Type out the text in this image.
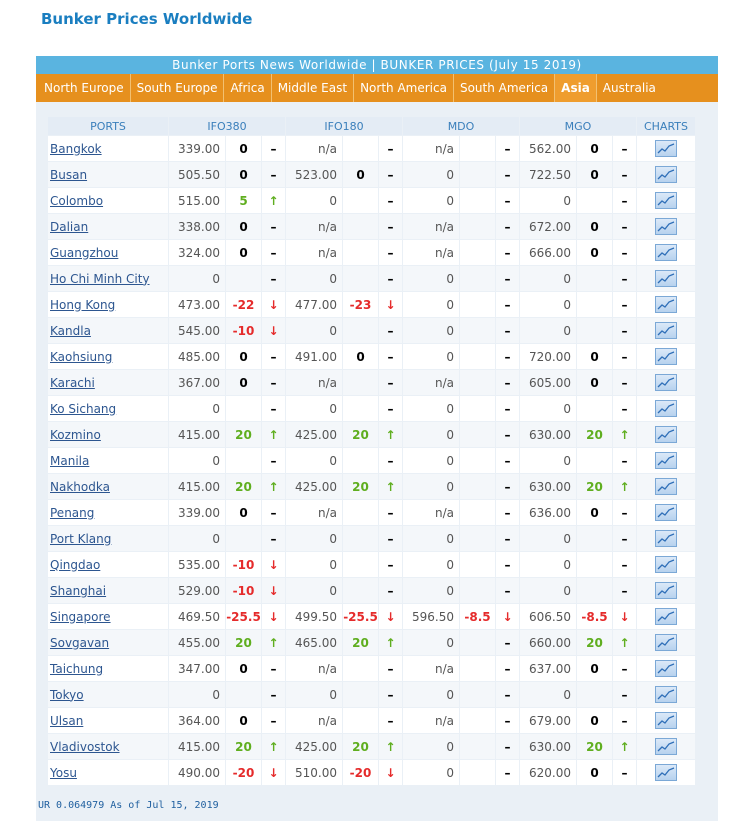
Bunker Prices Worldwide
Bunker Ports News Worldwide | BUNKER PRICES (July 15 2019)
North Europe	South Europe	Africa	Middle East	North America	South America	Asia	Australia
PORTS	IFO380			IFO180			MDO			MGO			CHARTS
Bangkok	339.00	0	–	n/a		–	n/a		–	562.00	0	–	

Busan	505.50	0	–	523.00	0	–	0		–	722.50	0	–	

Colombo	515.00	5	↑	0		–	0		–	0		–	

Dalian	338.00	0	–	n/a		–	n/a		–	672.00	0	–	

Guangzhou	324.00	0	–	n/a		–	n/a		–	666.00	0	–	

Ho Chi Minh City	0		–	0		–	0		–	0		–	

Hong Kong	473.00	-22	↓	477.00	-23	↓	0		–	0		–	

Kandla	545.00	-10	↓	0		–	0		–	0		–	

Kaohsiung	485.00	0	–	491.00	0	–	0		–	720.00	0	–	

Karachi	367.00	0	–	n/a		–	n/a		–	605.00	0	–	

Ko Sichang	0		–	0		–	0		–	0		–	

Kozmino	415.00	20	↑	425.00	20	↑	0		–	630.00	20	↑	

Manila	0		–	0		–	0		–	0		–	

Nakhodka	415.00	20	↑	425.00	20	↑	0		–	630.00	20	↑	

Penang	339.00	0	–	n/a		–	n/a		–	636.00	0	–	

Port Klang	0		–	0		–	0		–	0		–	

Qingdao	535.00	-10	↓	0		–	0		–	0		–	

Shanghai	529.00	-10	↓	0		–	0		–	0		–	

Singapore	469.50	-25.5	↓	499.50	-25.5	↓	596.50	-8.5	↓	606.50	-8.5	↓	

Sovgavan	455.00	20	↑	465.00	20	↑	0		–	660.00	20	↑	

Taichung	347.00	0	–	n/a		–	n/a		–	637.00	0	–	

Tokyo	0		–	0		–	0		–	0		–	

Ulsan	364.00	0	–	n/a		–	n/a		–	679.00	0	–	

Vladivostok	415.00	20	↑	425.00	20	↑	0		–	630.00	20	↑	

Yosu	490.00	-20	↓	510.00	-20	↓	0		–	620.00	0	–	
UR 0.064979 As of Jul 15, 2019
